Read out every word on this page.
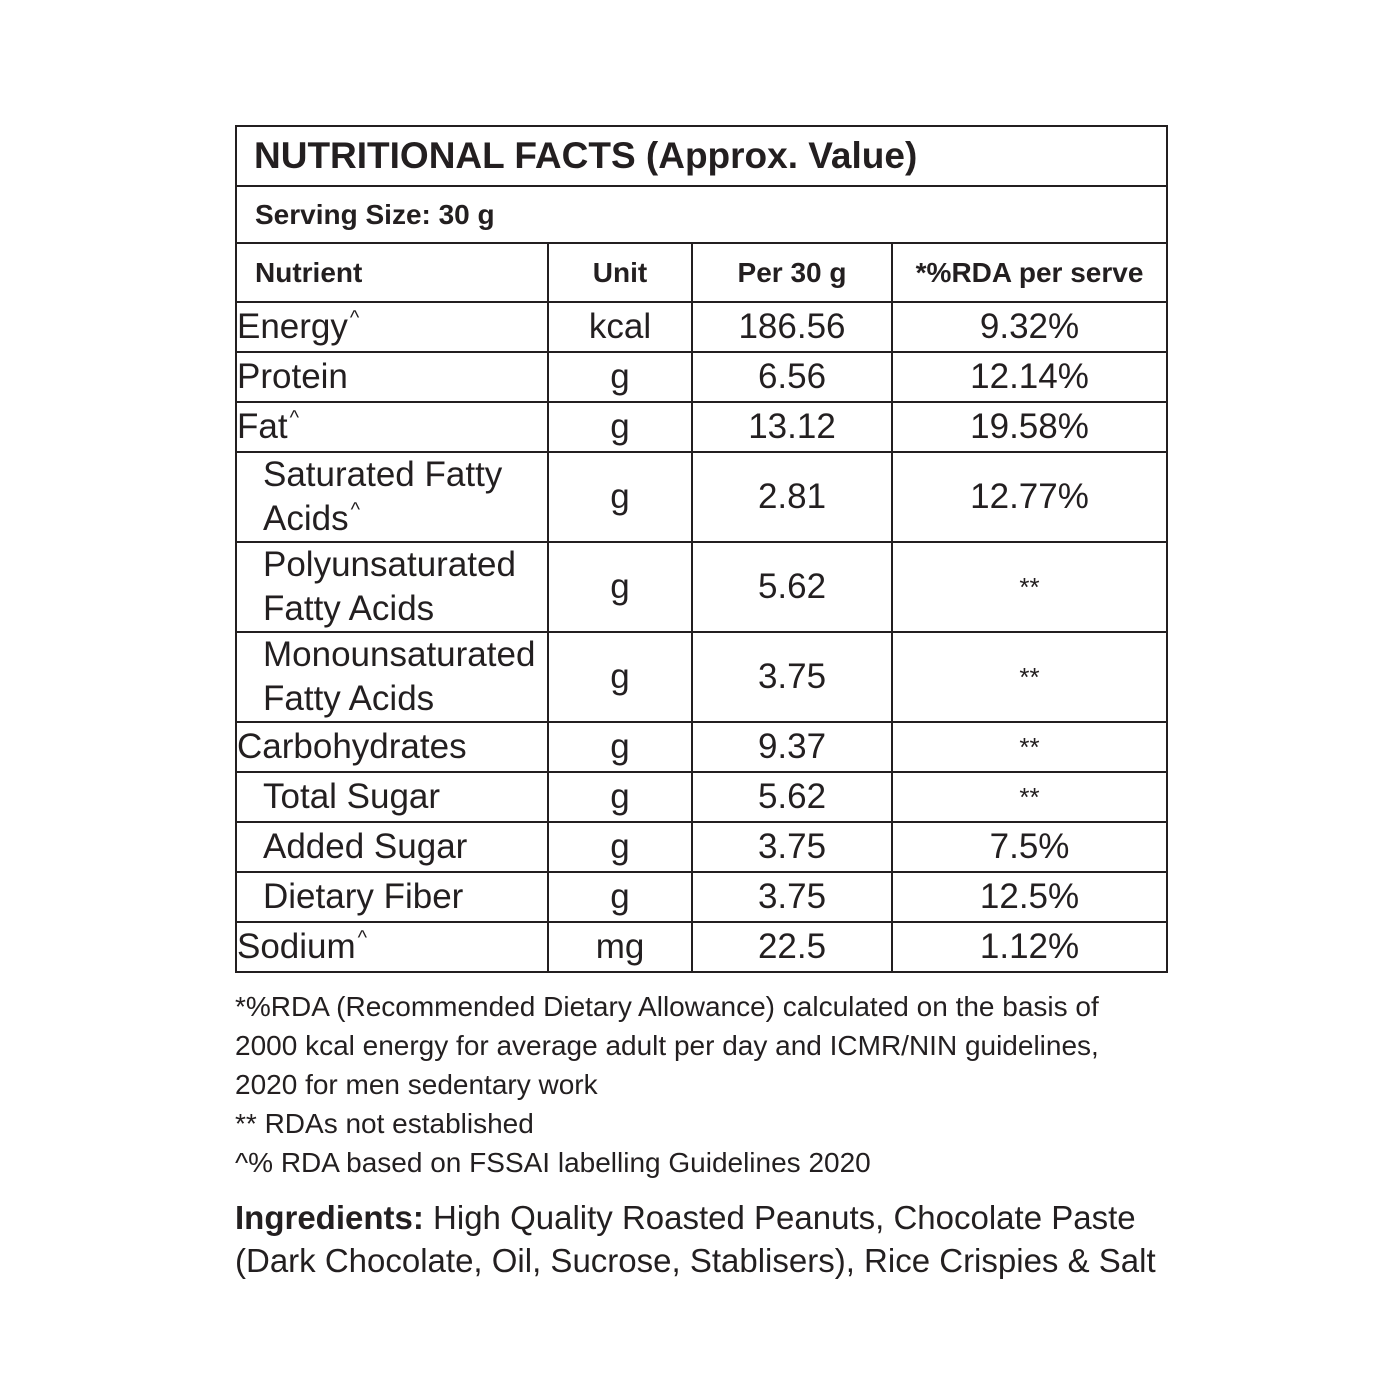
NUTRITIONAL FACTS (Approx. Value)			
Serving Size: 30 g			
Nutrient	Unit	Per 30 g	*%RDA per serve
Energy ^	kcal	186.56	9.32%
Protein	g	6.56	12.14%
Fat ^	g	13.12	19.58%
Saturated Fatty
Acids ^	g	2.81	12.77%
Polyunsaturated
Fatty Acids	g	5.62	**
Monounsaturated
Fatty Acids	g	3.75	**
Carbohydrates	g	9.37	**
Total Sugar	g	5.62	**
Added Sugar	g	3.75	7.5%
Dietary Fiber	g	3.75	12.5%
Sodium ^	mg	22.5	1.12%

*%RDA (Recommended Dietary Allowance) calculated on the basis of

2000 kcal energy for average adult per day and ICMR/NIN guidelines,

2020 for men sedentary work

** RDAs not established

^% RDA based on FSSAI labelling Guidelines 2020

Ingredients: High Quality Roasted Peanuts, Chocolate Paste (Dark Chocolate, Oil, Sucrose, Stablisers), Rice Crispies & Salt
